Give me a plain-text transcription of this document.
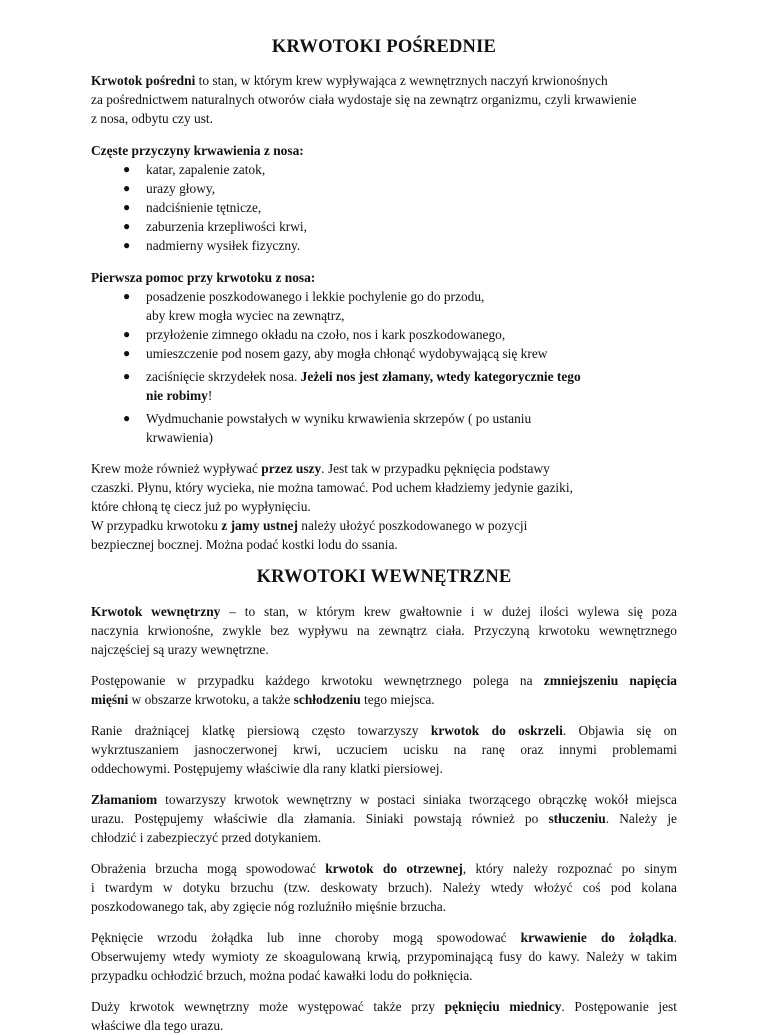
KRWOTOKI POŚREDNIE

Krwotok pośredni to stan, w którym krew wypływająca z wewnętrznych naczyń krwionośnych
za pośrednictwem naturalnych otworów ciała wydostaje się na zewnątrz organizmu, czyli krwawienie
z nosa, odbytu czy ust.

Częste przyczyny krwawienia z nosa:

● katar, zapalenie zatok,
● urazy głowy,
● nadciśnienie tętnicze,
● zaburzenia krzepliwości krwi,
● nadmierny wysiłek fizyczny.

Pierwsza pomoc przy krwotoku z nosa:

● posadzenie poszkodowanego i lekkie pochylenie go do przodu,
aby krew mogła wyciec na zewnątrz,
● przyłożenie zimnego okładu na czoło, nos i kark poszkodowanego,
● umieszczenie pod nosem gazy, aby mogła chłonąć wydobywającą się krew
● zaciśnięcie skrzydełek nosa. Jeżeli nos jest złamany, wtedy kategorycznie tego
nie robimy!
● Wydmuchanie powstałych w wyniku krwawienia skrzepów ( po ustaniu
krwawienia)

Krew może również wypływać przez uszy. Jest tak w przypadku pęknięcia podstawy
czaszki. Płynu, który wycieka, nie można tamować. Pod uchem kładziemy jedynie gaziki,
które chłoną tę ciecz już po wypłynięciu.
W przypadku krwotoku z jamy ustnej należy ułożyć poszkodowanego w pozycji
bezpiecznej bocznej. Można podać kostki lodu do ssania.

KRWOTOKI WEWNĘTRZNE

Krwotok wewnętrzny – to stan, w którym krew gwałtownie i w dużej ilości wylewa się poza
naczynia krwionośne, zwykle bez wypływu na zewnątrz ciała. Przyczyną krwotoku wewnętrznego
najczęściej są urazy wewnętrzne.

Postępowanie w przypadku każdego krwotoku wewnętrznego polega na zmniejszeniu napięcia
mięśni w obszarze krwotoku, a także schłodzeniu tego miejsca.

Ranie drażniącej klatkę piersiową często towarzyszy krwotok do oskrzeli. Objawia się on
wykrztuszaniem jasnoczerwonej krwi, uczuciem ucisku na ranę oraz innymi problemami
oddechowymi. Postępujemy właściwie dla rany klatki piersiowej.

Złamaniom towarzyszy krwotok wewnętrzny w postaci siniaka tworzącego obrączkę wokół miejsca
urazu. Postępujemy właściwie dla złamania. Siniaki powstają również po stłuczeniu. Należy je
chłodzić i zabezpieczyć przed dotykaniem.

Obrażenia brzucha mogą spowodować krwotok do otrzewnej, który należy rozpoznać po sinym
i twardym w dotyku brzuchu (tzw. deskowaty brzuch). Należy wtedy włożyć coś pod kolana
poszkodowanego tak, aby zgięcie nóg rozluźniło mięśnie brzucha.

Pęknięcie wrzodu żołądka lub inne choroby mogą spowodować krwawienie do żołądka.
Obserwujemy wtedy wymioty ze skoagulowaną krwią, przypominającą fusy do kawy. Należy w takim
przypadku ochłodzić brzuch, można podać kawałki lodu do połknięcia.

Duży krwotok wewnętrzny może występować także przy pęknięciu miednicy. Postępowanie jest
właściwe dla tego urazu.
